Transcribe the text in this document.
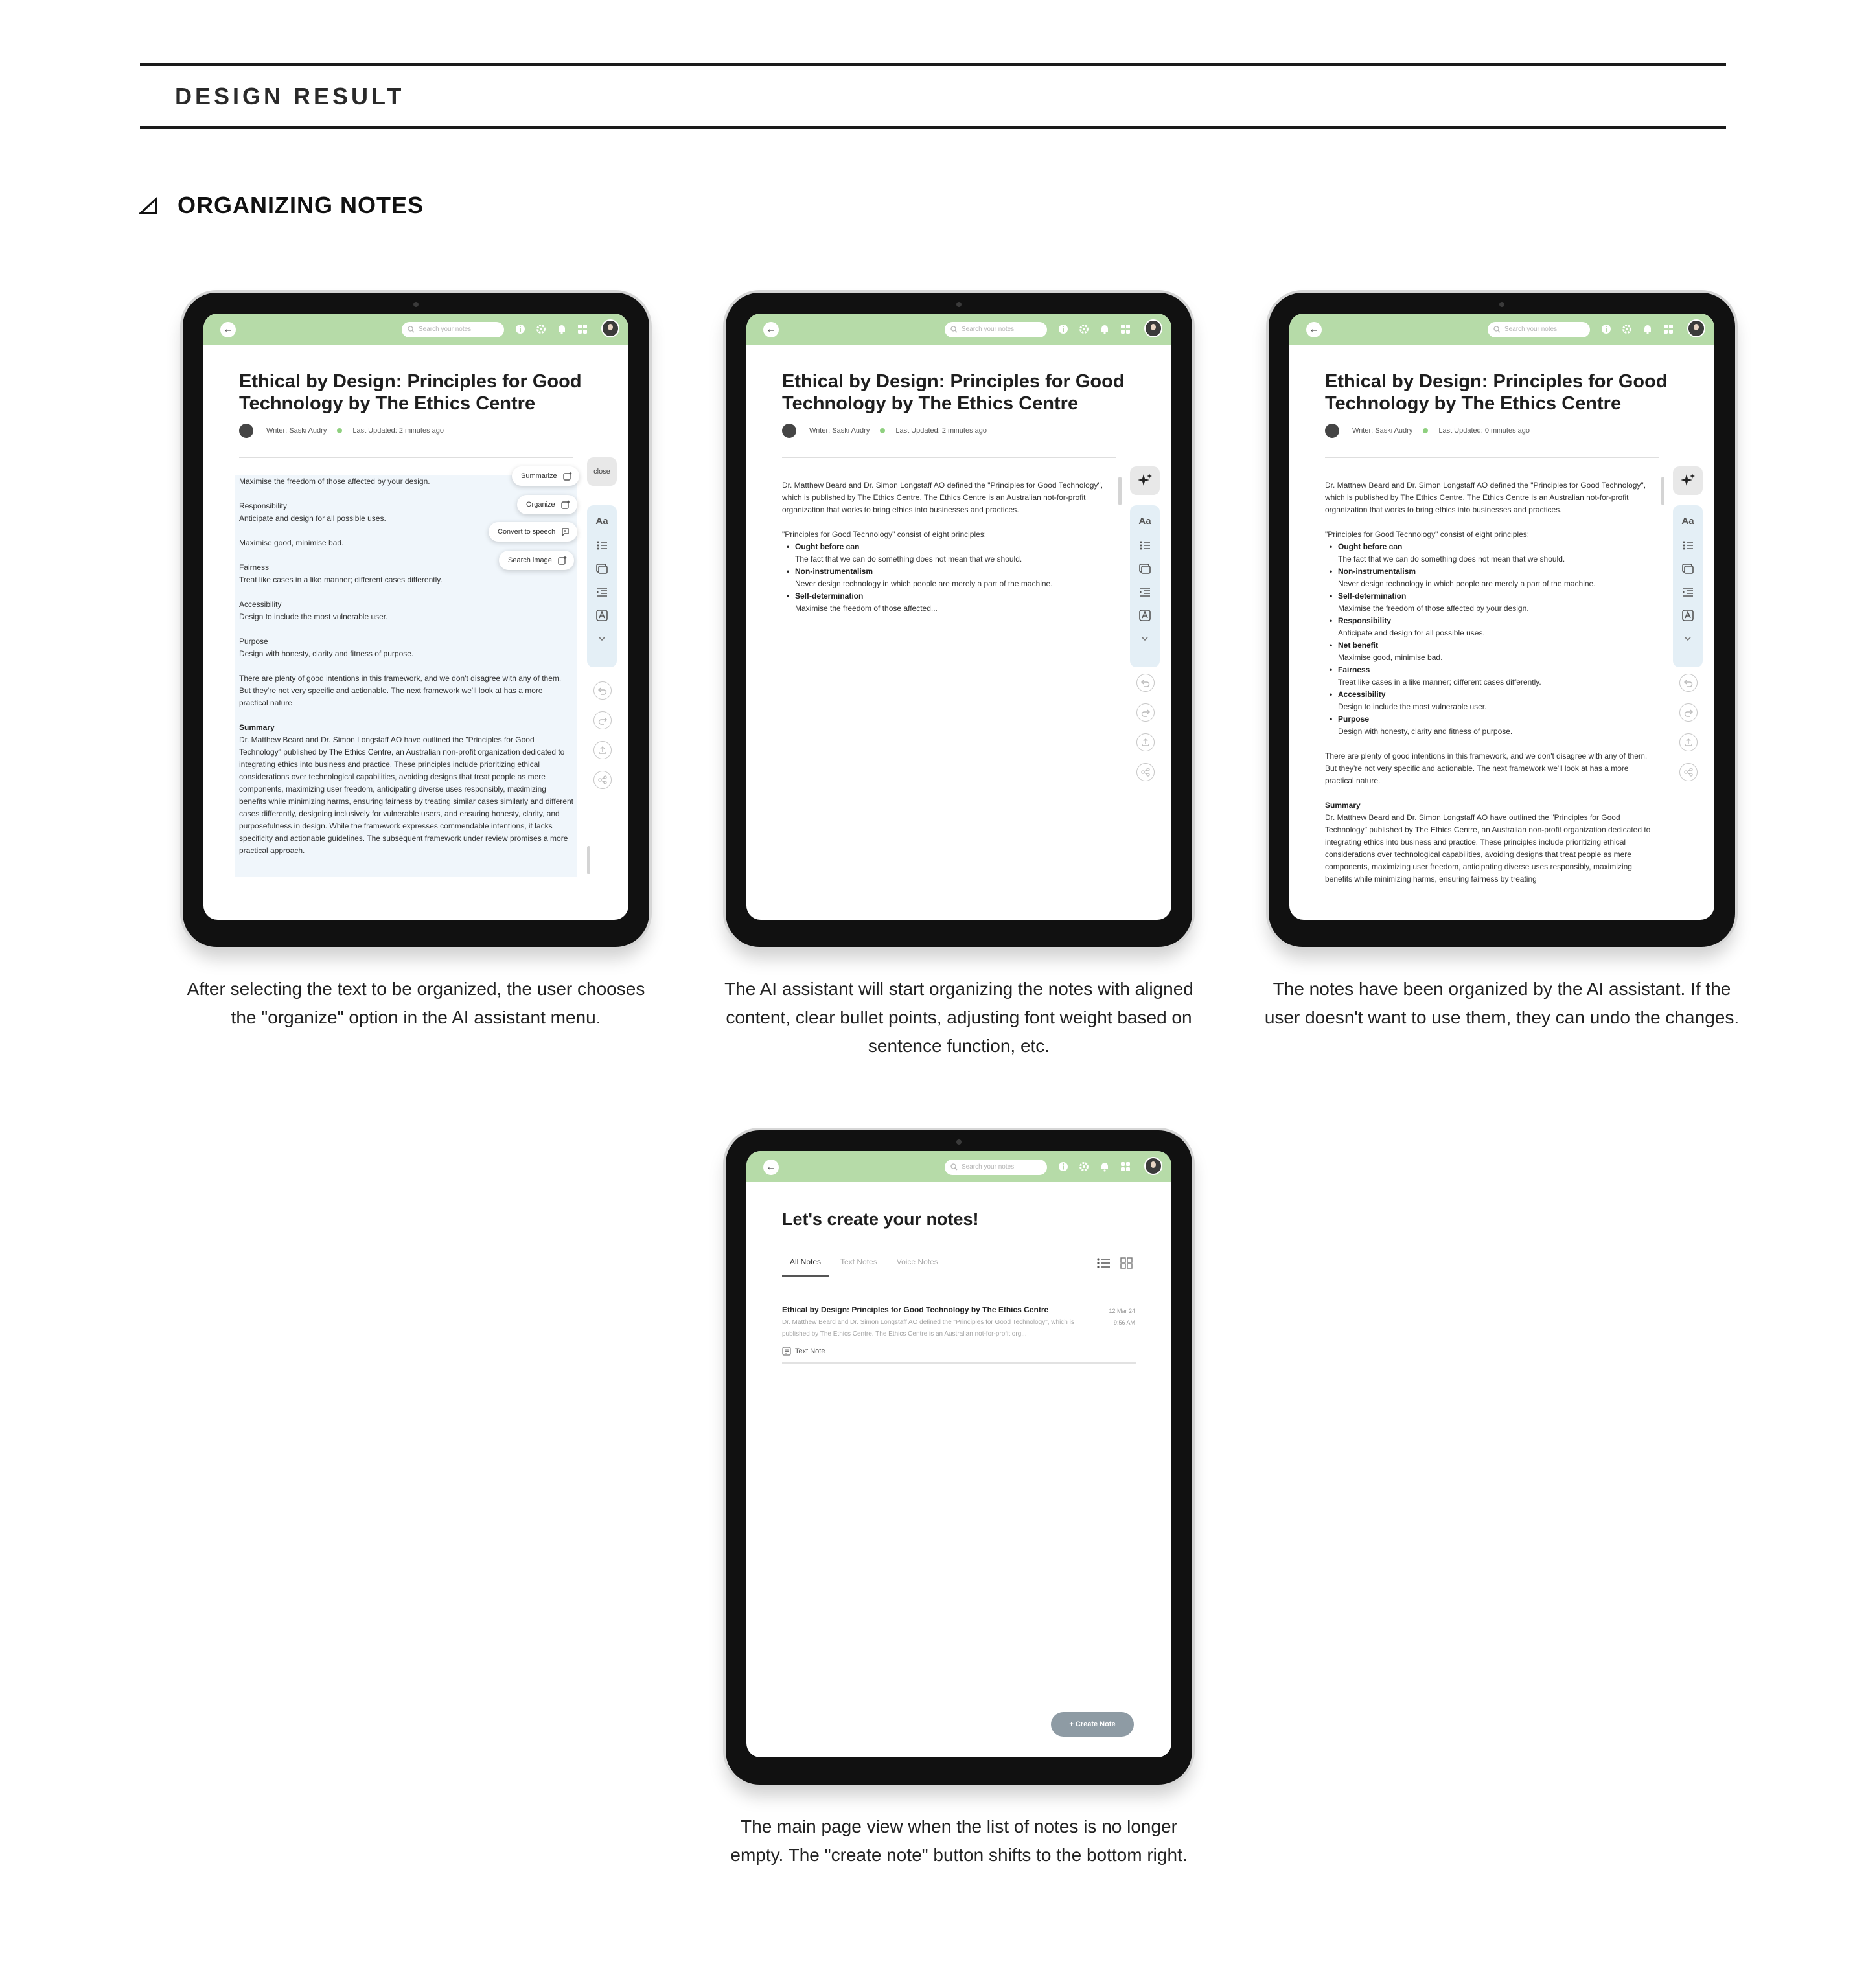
DESIGN RESULT
ORGANIZING NOTES
←	Search your notes
Ethical by Design: Principles for Good Technology by The Ethics Centre
Writer: Saski Audry	Last Updated: 2 minutes ago
Maximise the freedom of those affected by your design.
Responsibility
Anticipate and design for all possible uses.
Maximise good, minimise bad.
Fairness
Treat like cases in a like manner; different cases differently.
Accessibility
Design to include the most vulnerable user.
Purpose
Design with honesty, clarity and fitness of purpose.
There are plenty of good intentions in this framework, and we don't disagree with any of them. But they're not very specific and actionable. The next framework we'll look at has a more practical nature
Summary
Dr. Matthew Beard and Dr. Simon Longstaff AO have outlined the "Principles for Good Technology" published by The Ethics Centre, an Australian non-profit organization dedicated to integrating ethics into business and practice. These principles include prioritizing ethical considerations over technological capabilities, avoiding designs that treat people as mere components, maximizing user freedom, anticipating diverse uses responsibly, maximizing benefits while minimizing harms, ensuring fairness by treating similar cases similarly and different cases differently, designing inclusively for vulnerable users, and ensuring honesty, clarity, and purposefulness in design. While the framework expresses commendable intentions, it lacks specificity and actionable guidelines. The subsequent framework under review promises a more practical approach.
close
Summarize
Organize
Convert to speech
Search image
Aa
After selecting the text to be organized, the user chooses the "organize" option in the AI assistant menu.
←	Search your notes
Ethical by Design: Principles for Good Technology by The Ethics Centre
Writer: Saski Audry	Last Updated: 2 minutes ago
Dr. Matthew Beard and Dr. Simon Longstaff AO defined the "Principles for Good Technology", which is published by The Ethics Centre. The Ethics Centre is an Australian not-for-profit organization that works to bring ethics into businesses and practices.
"Principles for Good Technology" consist of eight principles:
• Ought before can
The fact that we can do something does not mean that we should.
• Non-instrumentalism
Never design technology in which people are merely a part of the machine.
• Self-determination
Maximise the freedom of those affected...
Aa
The AI assistant will start organizing the notes with aligned content, clear bullet points, adjusting font weight based on sentence function, etc.
←	Search your notes
Ethical by Design: Principles for Good Technology by The Ethics Centre
Writer: Saski Audry	Last Updated: 0 minutes ago
Dr. Matthew Beard and Dr. Simon Longstaff AO defined the "Principles for Good Technology", which is published by The Ethics Centre. The Ethics Centre is an Australian not-for-profit organization that works to bring ethics into businesses and practices.
"Principles for Good Technology" consist of eight principles:
• Ought before can
The fact that we can do something does not mean that we should.
• Non-instrumentalism
Never design technology in which people are merely a part of the machine.
• Self-determination
Maximise the freedom of those affected by your design.
• Responsibility
Anticipate and design for all possible uses.
• Net benefit
Maximise good, minimise bad.
• Fairness
Treat like cases in a like manner; different cases differently.
• Accessibility
Design to include the most vulnerable user.
• Purpose
Design with honesty, clarity and fitness of purpose.
There are plenty of good intentions in this framework, and we don't disagree with any of them. But they're not very specific and actionable. The next framework we'll look at has a more practical nature.
Summary
Dr. Matthew Beard and Dr. Simon Longstaff AO have outlined the "Principles for Good Technology" published by The Ethics Centre, an Australian non-profit organization dedicated to integrating ethics into business and practice. These principles include prioritizing ethical considerations over technological capabilities, avoiding designs that treat people as mere components, maximizing user freedom, anticipating diverse uses responsibly, maximizing benefits while minimizing harms, ensuring fairness by treating
Aa
The notes have been organized by the AI assistant. If the user doesn't want to use them, they can undo the changes.
←	Search your notes
Let's create your notes!
All Notes	Text Notes	Voice Notes
Ethical by Design: Principles for Good Technology by The Ethics Centre
Dr. Matthew Beard and Dr. Simon Longstaff AO defined the "Principles for Good Technology", which is published by The Ethics Centre. The Ethics Centre is an Australian not-for-profit org...
12 Mar 24
9:56 AM
Text Note
+ Create Note
The main page view when the list of notes is no longer empty. The "create note" button shifts to the bottom right.
